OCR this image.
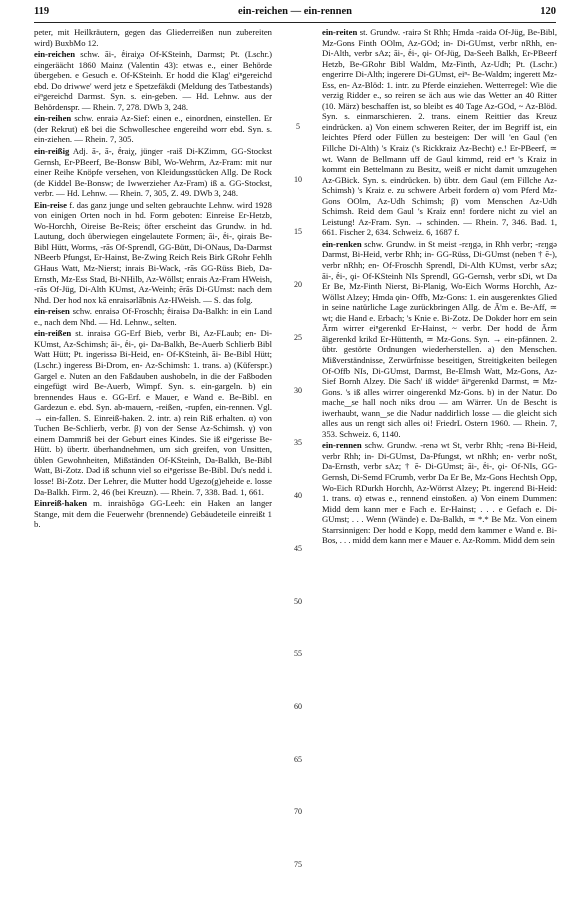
119	ein-reichen — ein-rennen	120

peter, mit Heilkräutern, gegen das Gliederreißen nun zubereiten wird) BuxbMo 12.

ein-reichen schw. āi-, ḗiraiχə Of-KSteinh, Darmst; Pt. (Lschr.) eingeräächt 1860 Mainz (Valentin 43): etwas e., einer Behörde übergeben. e Gesuch e. Of-KSteinh. Er hodd die Klag' eiⁿgereichd ebd. Do driwwe' werd jetz e Spetzefäkdi (Meldung des Tatbestands) eiⁿgereichd Darmst. Syn. s. ein-geben. — Hd. Lehnw. aus der Behördenspr. — Rhein. 7, 278. DWb 3, 248.

ein-reihen schw. enraiə Az-Sief: einen e., einordnen, einstellen. Er (der Rekrut) eß bei die Schwolleschee engereihd worr ebd. Syn. s. ein-ziehen. — Rhein. 7, 305.

ein-reißig Adj. ā-, ā-, ḗraiχ, jünger -raiš Di-KZimm, GG-Stockst Gernsh, Er-PBeerf, Be-Bonsw Bibl, Wo-Wehrm, Az-Fram: mit nur einer Reihe Knöpfe versehen, von Kleidungsstücken Allg. De Rock (de Kiddel Be-Bonsw; de Iwwerzieher Az-Fram) iß a. GG-Stockst, verbr. — Hd. Lehnw. — Rhein. 7, 305, Z. 49. DWb 3, 248.

Ein-reise f. das ganz junge und selten gebrauchte Lehnw. wird 1928 von einigen Orten noch in hd. Form geboten: Einreise Er-Hetzb, Wo-Horchh, Oireise Be-Reis; öfter erscheint das Grundw. in hd. Lautung, doch überwiegen eingelautete Formen; āi-, ḗi-, ǫirais Be-Bibl Hütt, Worms, -rās Of-Sprendl, GG-Bütt, Di-ONaus, Da-Darmst NBeerb Pfungst, Er-Hainst, Be-Zwing Reich Reis Birk GRohr Fehlh GHaus Watt, Mz-Nierst; inrais Bi-Wack, -rās GG-Rüss Bieb, Da-Ernsth, Mz-Ess Stad, Bi-NHilb, Az-Wöllst; enrais Az-Fram HWeish, -rās Of-Jüg, Di-Alth KUmst, Az-Weinh; ērās Di-GUmst: nach dem Nhd. Der hod nox kā enraisərlā̈bnis Az-HWeish. — S. das folg.

ein-reisen schw. enraisə Of-Froschh; ḗiraisə Da-Balkh: in ein Land e., nach dem Nhd. — Hd. Lehnw., selten.

ein-reißen st. inraisə GG-Erf Bieb, verbr Bi, Az-FLaub; en- Di-KUmst, Az-Schimsh; āi-, ḗi-, ǫi- Da-Balkh, Be-Auerb Schlierb Bibl Watt Hütt; Pt. ingerissə Bi-Heid, en- Of-KSteinh, āi- Be-Bibl Hütt; (Lschr.) ingeress Bi-Drom, en- Az-Schimsh: 1. trans. a) (Küferspr.) Gargel e. Nuten an den Faßdauben aushobeln, in die der Faßboden eingefügt wird Be-Auerb, Wimpf. Syn. s. ein-gargeln. b) ein brennendes Haus e. GG-Erf. e Mauer, e Wand e. Be-Bibl. en Gardezun e. ebd. Syn. ab-mauern, -reißen, -rupfen, ein-rennen. Vgl. → ein-fallen. S. Einreiß-haken. 2. intr. a) rein Riß erhalten. α) von Tuchen Be-Schlierb, verbr. β) von der Sense Az-Schimsh. γ) von einem Dammriß bei der Geburt eines Kindes. Sie iß eiⁿgerisse Be-Hütt. b) übertr. überhandnehmen, um sich greifen, von Unsitten, üblen Gewohnheiten, Mißständen Of-KSteinh, Da-Balkh, Be-Bibl Watt, Bi-Zotz. Dəd iß schunn viel so eiⁿgerisse Be-Bibl. Du's nedd i. losse! Bi-Zotz. Der Lehrer, die Mutter hodd Ugezo(g)eheide e. losse Da-Balkh. Firm. 2, 46 (bei Kreuzn). — Rhein. 7, 338. Bad. 1, 661.

Einreiß-haken m. inraishōgə GG-Leeh: ein Haken an langer Stange, mit dem die Feuerwehr (brennende) Gebäudeteile einreißt 1 b.

5
10
15
20
25
30
35
40
45
50
55
60
65
70
75

ein-reiten st. Grundw. -rairə St Rhh; Hmda -raidə Of-Jüg, Be-Bibl, Mz-Gons Finth OOlm, Az-GOd; in- Di-GUmst, verbr nRhh, en- Di-Alth, verbr sAz; āi-, ḗi-, ǫi- Of-Jüg, Da-Seeh Balkh, Er-PBeerf Hetzb, Be-GRohr Bibl Waldm, Mz-Finth, Az-Udh; Pt. (Lschr.) engerirre Di-Alth; ingerere Di-GUmst, eiⁿ- Be-Waldm; ingerett Mz-Ess, en- Az-Blöd: 1. intr. zu Pferde einziehen. Wetterregel: Wie die verzig Ridder e., so reiren se äch aus wie das Wetter an 40 Ritter (10. März) beschaffen ist, so bleibt es 40 Tage Az-GOd, ~ Az-Blöd. Syn. s. einmarschieren. 2. trans. einem Reittier das Kreuz eindrücken. a) Von einem schweren Reiter, der im Begriff ist, ein leichtes Pferd oder Füllen zu besteigen: Der will 'en Gaul ('en Fillche Di-Alth) 's Kraiz ('s Rickkraiz Az-Becht) e.! Er-PBeerf, ≃ wt. Wann de Bellmann uff de Gaul kimmd, reid erⁿ 's Kraiz in kommt ein Bettelmann zu Besitz, weiß er nicht damit umzugehen Az-GBick. Syn. s. eindrücken. b) übtr. dem Gaul (em Fillche Az-Schimsh) 's Kraiz e. zu schwere Arbeit fordern α) vom Pferd Mz-Gons OOlm, Az-Udh Schimsh; β) vom Menschen Az-Udh Schimsh. Reid dem Gaul 's Kraiz enn! fordere nicht zu viel an Leistung! Az-Fram. Syn. → schinden. — Rhein. 7, 346. Bad. 1, 661. Fischer 2, 634. Schweiz. 6, 1687 f.

ein-renken schw. Grundw. in St meist -rɛŋgə, in Rhh verbr; -rɛŋgə Darmst, Bi-Heid, verbr Rhh; in- GG-Rüss, Di-GUmst (neben † ē-), verbr nRhh; en- Of-Froschh Sprendl, Di-Alth KUmst, verbr sAz; āi-, ḗi-, ǫi- Of-KSteinh NIs Sprendl, GG-Gernsh, verbr sDi, wt Da Er Be, Mz-Finth Nierst, Bi-Planig, Wo-Eich Worms Horchh, Az-Wöllst Alzey; Hmda ǫin- Offb, Mz-Gons: 1. ein ausgerenktes Glied in seine natürliche Lage zurückbringen Allg. de Ā'm e. Be-Aff, ≃ wt; die Hand e. Erbach; 's Knie e. Bi-Zotz. De Dokder horr em sein Ārm wirrer eiⁿgerenkd Er-Hainst, ~ verbr. Der hodd de Ārm ā̈igerenkd krikd Er-Hüttenth, ≃ Mz-Gons. Syn. → ein-pfännen. 2. übtr. gestörte Ordnungen wiederherstellen. a) den Menschen. Mißverständnisse, Zerwürfnisse beseitigen, Streitigkeiten beilegen Of-Offb NIs, Di-GUmst, Darmst, Be-Elmsh Watt, Mz-Gons, Az-Sief Bornh Alzey. Die Sach' iß widdeᵉ āiⁿgerenkd Darmst, ≃ Mz-Gons. 's iß alles wirrer oingerenkd Mz-Gons. b) in der Natur. Do mache‿se hall noch niks drou — am Wärrer. Un de Bescht is iwerhaubt, wann‿se die Nadur naddirlich losse — die gleicht sich alles aus un rengt sich alles oi! FriedrL Ostern 1960. — Rhein. 7, 353. Schweiz. 6, 1140.

ein-rennen schw. Grundw. -renə wt St, verbr Rhh; -renə Bi-Heid, verbr Rhh; in- Di-GUmst, Da-Pfungst, wt nRhh; en- verbr noSt, Da-Ernsth, verbr sAz; † ē- Di-GUmst; āi-, ḗi-, ǫi- Of-NIs, GG-Gernsh, Di-Semd FCrumb, verbr Da Er Be, Mz-Gons Hechtsh Opp, Wo-Eich RDurkh Horchh, Az-Wörrst Alzey; Pt. ingerɛnd Bi-Heid: 1. trans. α) etwas e., rennend einstoßen. a) Von einem Dummen: Midd dem kann mer e Fach e. Er-Hainst; . . . e Gefach e. Di-GUmst; . . . Wenn (Wände) e. Da-Balkh, ≃ *.* Be Mz. Von einem Starrsinnigen: Der hodd e Kopp, medd dem kammer e Wand e. Bi-Bos, . . . midd dem kann mer e Mauer e. Az-Romm. Midd dem sein
